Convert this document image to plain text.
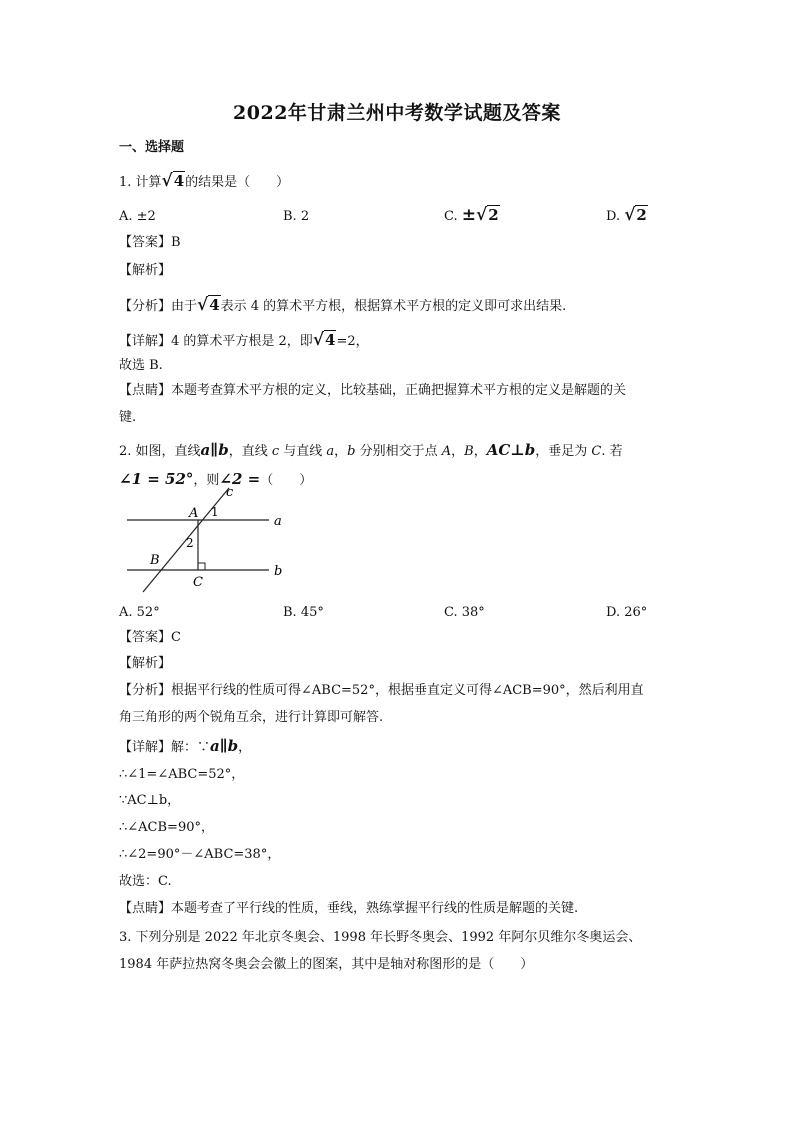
2022年甘肃兰州中考数学试题及答案
一、选择题
1. 计算√4的结果是（　　）
A. ±2	B. 2	C. ±√2	D. √2
【答案】B
【解析】
【分析】由于√4表示 4 的算术平方根，根据算术平方根的定义即可求出结果.
【详解】4 的算术平方根是 2，即√4=2，
故选 B.
【点睛】本题考查算术平方根的定义，比较基础，正确把握算术平方根的定义是解题的关
键.
2. 如图，直线a∥b，直线 c 与直线 a，b 分别相交于点 A，B，AC⊥b，垂足为 C. 若
∠1 = 52°，则∠2 =（　　）
c
A 1
a
2
B
C
b
A. 52°	B. 45°	C. 38°	D. 26°
【答案】C
【解析】
【分析】根据平行线的性质可得∠ABC=52°，根据垂直定义可得∠ACB=90°，然后利用直
角三角形的两个锐角互余，进行计算即可解答.
【详解】解：∵a∥b，
∴∠1=∠ABC=52°，
∵AC⊥b，
∴∠ACB=90°，
∴∠2=90°－∠ABC=38°，
故选：C.
【点睛】本题考查了平行线的性质，垂线，熟练掌握平行线的性质是解题的关键.
3. 下列分别是 2022 年北京冬奥会、1998 年长野冬奥会、1992 年阿尔贝维尔冬奥运会、
1984 年萨拉热窝冬奥会会徽上的图案，其中是轴对称图形的是（　　）
